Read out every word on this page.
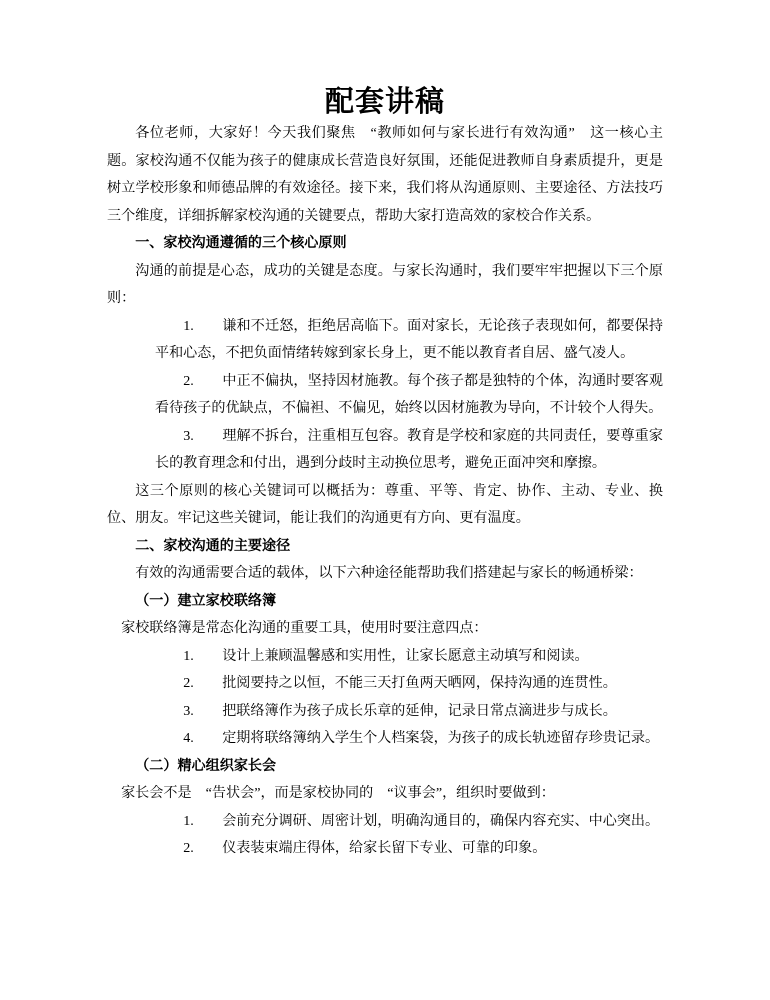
配套讲稿
各位老师，大家好！今天我们聚焦　“教师如何与家长进行有效沟通”　这一核心主题。家校沟通不仅能为孩子的健康成长营造良好氛围，还能促进教师自身素质提升，更是树立学校形象和师德品牌的有效途径。接下来，我们将从沟通原则、主要途径、方法技巧三个维度，详细拆解家校沟通的关键要点，帮助大家打造高效的家校合作关系。
一、家校沟通遵循的三个核心原则
沟通的前提是心态，成功的关键是态度。与家长沟通时，我们要牢牢把握以下三个原则：
1. 谦和不迁怒，拒绝居高临下。面对家长，无论孩子表现如何，都要保持平和心态，不把负面情绪转嫁到家长身上，更不能以教育者自居、盛气凌人。
2. 中正不偏执，坚持因材施教。每个孩子都是独特的个体，沟通时要客观看待孩子的优缺点，不偏袒、不偏见，始终以因材施教为导向，不计较个人得失。
3. 理解不拆台，注重相互包容。教育是学校和家庭的共同责任，要尊重家长的教育理念和付出，遇到分歧时主动换位思考，避免正面冲突和摩擦。
这三个原则的核心关键词可以概括为：尊重、平等、肯定、协作、主动、专业、换位、朋友。牢记这些关键词，能让我们的沟通更有方向、更有温度。
二、家校沟通的主要途径
有效的沟通需要合适的载体，以下六种途径能帮助我们搭建起与家长的畅通桥梁：
（一）建立家校联络簿
家校联络簿是常态化沟通的重要工具，使用时要注意四点：
1. 设计上兼顾温馨感和实用性，让家长愿意主动填写和阅读。
2. 批阅要持之以恒，不能三天打鱼两天晒网，保持沟通的连贯性。
3. 把联络簿作为孩子成长乐章的延伸，记录日常点滴进步与成长。
4. 定期将联络簿纳入学生个人档案袋，为孩子的成长轨迹留存珍贵记录。
（二）精心组织家长会
家长会不是　“告状会”，而是家校协同的　“议事会”，组织时要做到：
1. 会前充分调研、周密计划，明确沟通目的，确保内容充实、中心突出。
2. 仪表装束端庄得体，给家长留下专业、可靠的印象。
